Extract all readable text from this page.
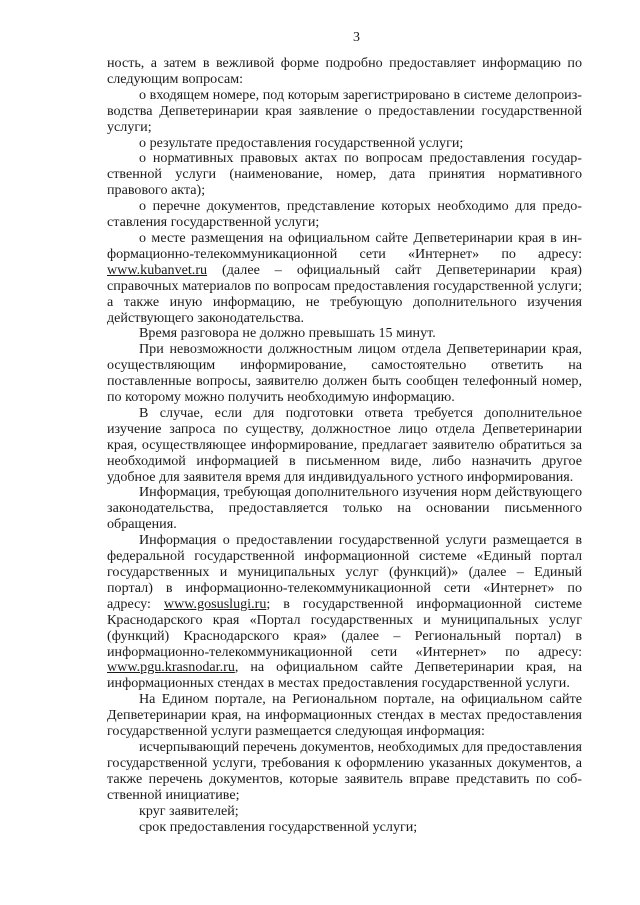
3

ность, а затем в вежливой форме подробно предоставляет информацию по следующим вопросам:

о входящем номере, под которым зарегистрировано в системе делопроизводства Депветеринарии края заявление о предоставлении государственной услуги;

о результате предоставления государственной услуги;

о нормативных правовых актах по вопросам предоставления государственной услуги (наименование, номер, дата принятия нормативного правового акта);

о перечне документов, представление которых необходимо для предоставления государственной услуги;

о месте размещения на официальном сайте Депветеринарии края в информационно-телекоммуникационной сети «Интернет» по адресу: www.kubanvet.ru (далее – официальный сайт Депветеринарии края) справочных материалов по вопросам предоставления государственной услуги; а также иную информацию, не требующую дополнительного изучения действующего законодательства.

Время разговора не должно превышать 15 минут.

При невозможности должностным лицом отдела Депветеринарии края, осуществляющим информирование, самостоятельно ответить на поставленные вопросы, заявителю должен быть сообщен телефонный номер, по которому можно получить необходимую информацию.

В случае, если для подготовки ответа требуется дополнительное изучение запроса по существу, должностное лицо отдела Депветеринарии края, осуществляющее информирование, предлагает заявителю обратиться за необходимой информацией в письменном виде, либо назначить другое удобное для заявителя время для индивидуального устного информирования.

Информация, требующая дополнительного изучения норм действующего законодательства, предоставляется только на основании письменного обращения.

Информация о предоставлении государственной услуги размещается в федеральной государственной информационной системе «Единый портал государственных и муниципальных услуг (функций)» (далее – Единый портал) в информационно-телекоммуникационной сети «Интернет» по адресу: www.gosuslugi.ru; в государственной информационной системе Краснодарского края «Портал государственных и муниципальных услуг (функций) Краснодарского края» (далее – Региональный портал) в информационно-телекоммуникационной сети «Интернет» по адресу: www.pgu.krasnodar.ru, на официальном сайте Депветеринарии края, на информационных стендах в местах предоставления государственной услуги.

На Едином портале, на Региональном портале, на официальном сайте Депветеринарии края, на информационных стендах в местах предоставления государственной услуги размещается следующая информация:

исчерпывающий перечень документов, необходимых для предоставления государственной услуги, требования к оформлению указанных документов, а также перечень документов, которые заявитель вправе представить по собственной инициативе;

круг заявителей;

срок предоставления государственной услуги;
